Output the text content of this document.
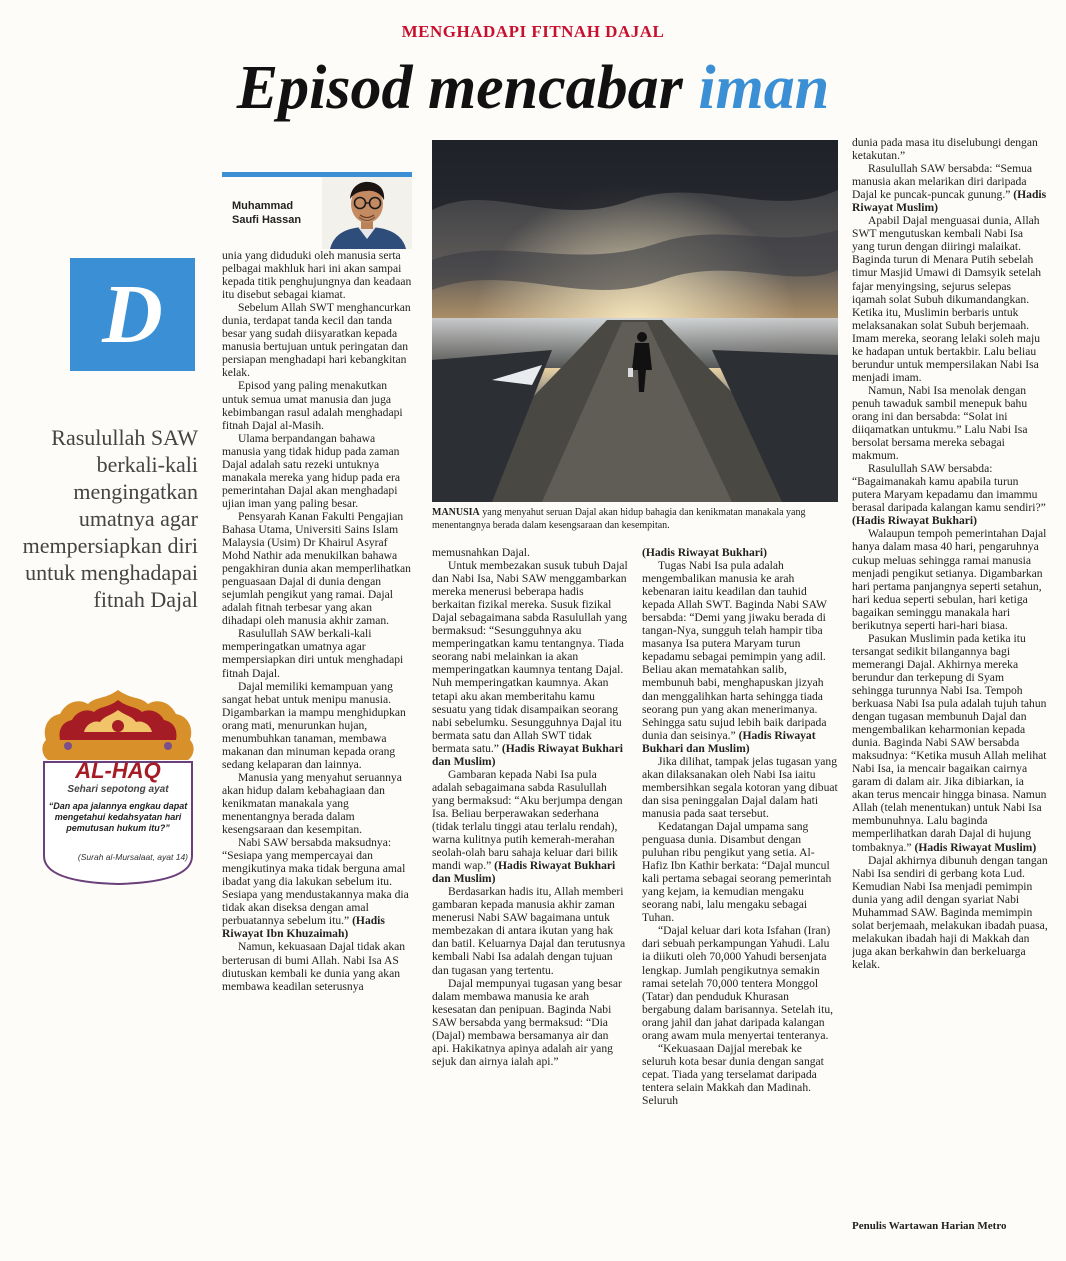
MENGHADAPI FITNAH DAJAL
Episod mencabar iman
Muhammad
Saufi Hassan
D
Rasulullah SAW berkali-kali mengingatkan umatnya agar mempersiapkan diri untuk menghadapai fitnah Dajal
AL-HAQ
Sehari sepotong ayat
“Dan apa jalannya engkau dapat mengetahui kedahsyatan hari pemutusan hukum itu?”
(Surah al-Mursalaat, ayat 14)
MANUSIA yang menyahut seruan Dajal akan hidup bahagia dan kenikmatan manakala yang menentangnya berada dalam kesengsaraan dan kesempitan.

unia yang diduduki oleh manusia serta pelbagai makhluk hari ini akan sampai kepada titik penghujungnya dan keadaan itu disebut sebagai kiamat.

Sebelum Allah SWT menghancurkan dunia, terdapat tanda kecil dan tanda besar yang sudah diisyaratkan kepada manusia bertujuan untuk peringatan dan persiapan menghadapi hari kebangkitan kelak.

Episod yang paling menakutkan untuk semua umat manusia dan juga kebimbangan rasul adalah menghadapi fitnah Dajal al-Masih.

Ulama berpandangan bahawa manusia yang tidak hidup pada zaman Dajal adalah satu rezeki untuknya manakala mereka yang hidup pada era pemerintahan Dajal akan menghadapi ujian iman yang paling besar.

Pensyarah Kanan Fakulti Pengajian Bahasa Utama, Universiti Sains Islam Malaysia (Usim) Dr Khairul Asyraf Mohd Nathir ada menukilkan bahawa pengakhiran dunia akan memperlihatkan penguasaan Dajal di dunia dengan sejumlah pengikut yang ramai. Dajal adalah fitnah terbesar yang akan dihadapi oleh manusia akhir zaman.

Rasulullah SAW berkali-kali memperingatkan umatnya agar mempersiapkan diri untuk menghadapi fitnah Dajal.

Dajal memiliki kemampuan yang sangat hebat untuk menipu manusia. Digambarkan ia mampu menghidupkan orang mati, menurunkan hujan, menumbuhkan tanaman, membawa makanan dan minuman kepada orang sedang kelaparan dan lainnya.

Manusia yang menyahut seruannya akan hidup dalam kebahagiaan dan kenikmatan manakala yang menentangnya berada dalam kesengsaraan dan kesempitan.

Nabi SAW bersabda maksudnya: “Sesiapa yang mempercayai dan mengikutinya maka tidak berguna amal ibadat yang dia lakukan sebelum itu. Sesiapa yang mendustakannya maka dia tidak akan diseksa dengan amal perbuatannya sebelum itu.” (Hadis Riwayat Ibn Khuzaimah)

Namun, kekuasaan Dajal tidak akan berterusan di bumi Allah. Nabi Isa AS diutuskan kembali ke dunia yang akan membawa keadilan seterusnya

memusnahkan Dajal.

Untuk membezakan susuk tubuh Dajal dan Nabi Isa, Nabi SAW menggambarkan mereka menerusi beberapa hadis berkaitan fizikal mereka. Susuk fizikal Dajal sebagaimana sabda Rasulullah yang bermaksud: “Sesungguhnya aku memperingatkan kamu tentangnya. Tiada seorang nabi melainkan ia akan memperingatkan kaumnya tentang Dajal. Nuh memperingatkan kaumnya. Akan tetapi aku akan memberitahu kamu sesuatu yang tidak disampaikan seorang nabi sebelumku. Sesungguhnya Dajal itu bermata satu dan Allah SWT tidak bermata satu.” (Hadis Riwayat Bukhari dan Muslim)

Gambaran kepada Nabi Isa pula adalah sebagaimana sabda Rasulullah yang bermaksud: “Aku berjumpa dengan Isa. Beliau berperawakan sederhana (tidak terlalu tinggi atau terlalu rendah), warna kulitnya putih kemerah-merahan seolah-olah baru sahaja keluar dari bilik mandi wap.” (Hadis Riwayat Bukhari dan Muslim)

Berdasarkan hadis itu, Allah memberi gambaran kepada manusia akhir zaman menerusi Nabi SAW bagaimana untuk membezakan di antara ikutan yang hak dan batil. Keluarnya Dajal dan terutusnya kembali Nabi Isa adalah dengan tujuan dan tugasan yang tertentu.

Dajal mempunyai tugasan yang besar dalam membawa manusia ke arah kesesatan dan penipuan. Baginda Nabi SAW bersabda yang bermaksud: “Dia (Dajal) membawa bersamanya air dan api. Hakikatnya apinya adalah air yang sejuk dan airnya ialah api.”

(Hadis Riwayat Bukhari)

Tugas Nabi Isa pula adalah mengembalikan manusia ke arah kebenaran iaitu keadilan dan tauhid kepada Allah SWT. Baginda Nabi SAW bersabda: “Demi yang jiwaku berada di tangan-Nya, sungguh telah hampir tiba masanya Isa putera Maryam turun kepadamu sebagai pemimpin yang adil. Beliau akan mematahkan salib, membunuh babi, menghapuskan jizyah dan menggalihkan harta sehingga tiada seorang pun yang akan menerimanya. Sehingga satu sujud lebih baik daripada dunia dan seisinya.” (Hadis Riwayat Bukhari dan Muslim)

Jika dilihat, tampak jelas tugasan yang akan dilaksanakan oleh Nabi Isa iaitu membersihkan segala kotoran yang dibuat dan sisa peninggalan Dajal dalam hati manusia pada saat tersebut.

Kedatangan Dajal umpama sang penguasa dunia. Disambut dengan puluhan ribu pengikut yang setia. Al-Hafiz Ibn Kathir berkata: “Dajal muncul kali pertama sebagai seorang pemerintah yang kejam, ia kemudian mengaku seorang nabi, lalu mengaku sebagai Tuhan.

“Dajal keluar dari kota Isfahan (Iran) dari sebuah perkampungan Yahudi. Lalu ia diikuti oleh 70,000 Yahudi bersenjata lengkap. Jumlah pengikutnya semakin ramai setelah 70,000 tentera Monggol (Tatar) dan penduduk Khurasan bergabung dalam barisannya. Setelah itu, orang jahil dan jahat daripada kalangan orang awam mula menyertai tenteranya.

“Kekuasaan Dajjal merebak ke seluruh kota besar dunia dengan sangat cepat. Tiada yang terselamat daripada tentera selain Makkah dan Madinah. Seluruh

dunia pada masa itu diselubungi dengan ketakutan.”

Rasulullah SAW bersabda: “Semua manusia akan melarikan diri daripada Dajal ke puncak-puncak gunung.” (Hadis Riwayat Muslim)

Apabil Dajal menguasai dunia, Allah SWT mengutuskan kembali Nabi Isa yang turun dengan diiringi malaikat. Baginda turun di Menara Putih sebelah timur Masjid Umawi di Damsyik setelah fajar menyingsing, sejurus selepas iqamah solat Subuh dikumandangkan. Ketika itu, Muslimin berbaris untuk melaksanakan solat Subuh berjemaah. Imam mereka, seorang lelaki soleh maju ke hadapan untuk bertakbir. Lalu beliau berundur untuk mempersilakan Nabi Isa menjadi imam.

Namun, Nabi Isa menolak dengan penuh tawaduk sambil menepuk bahu orang ini dan bersabda: “Solat ini diiqamatkan untukmu.” Lalu Nabi Isa bersolat bersama mereka sebagai makmum.

Rasulullah SAW bersabda: “Bagaimanakah kamu apabila turun putera Maryam kepadamu dan imammu berasal daripada kalangan kamu sendiri?” (Hadis Riwayat Bukhari)

Walaupun tempoh pemerintahan Dajal hanya dalam masa 40 hari, pengaruhnya cukup meluas sehingga ramai manusia menjadi pengikut setianya. Digambarkan hari pertama panjangnya seperti setahun, hari kedua seperti sebulan, hari ketiga bagaikan seminggu manakala hari berikutnya seperti hari-hari biasa.

Pasukan Muslimin pada ketika itu tersangat sedikit bilangannya bagi memerangi Dajal. Akhirnya mereka berundur dan terkepung di Syam sehingga turunnya Nabi Isa. Tempoh berkuasa Nabi Isa pula adalah tujuh tahun dengan tugasan membunuh Dajal dan mengembalikan keharmonian kepada dunia. Baginda Nabi SAW bersabda maksudnya: “Ketika musuh Allah melihat Nabi Isa, ia mencair bagaikan cairnya garam di dalam air. Jika dibiarkan, ia akan terus mencair hingga binasa. Namun Allah (telah menentukan) untuk Nabi Isa membunuhnya. Lalu baginda memperlihatkan darah Dajal di hujung tombaknya.” (Hadis Riwayat Muslim)

Dajal akhirnya dibunuh dengan tangan Nabi Isa sendiri di gerbang kota Lud. Kemudian Nabi Isa menjadi pemimpin dunia yang adil dengan syariat Nabi Muhammad SAW. Baginda memimpin solat berjemaah, melakukan ibadah puasa, melakukan ibadah haji di Makkah dan juga akan berkahwin dan berkeluarga kelak.

Penulis Wartawan Harian Metro
